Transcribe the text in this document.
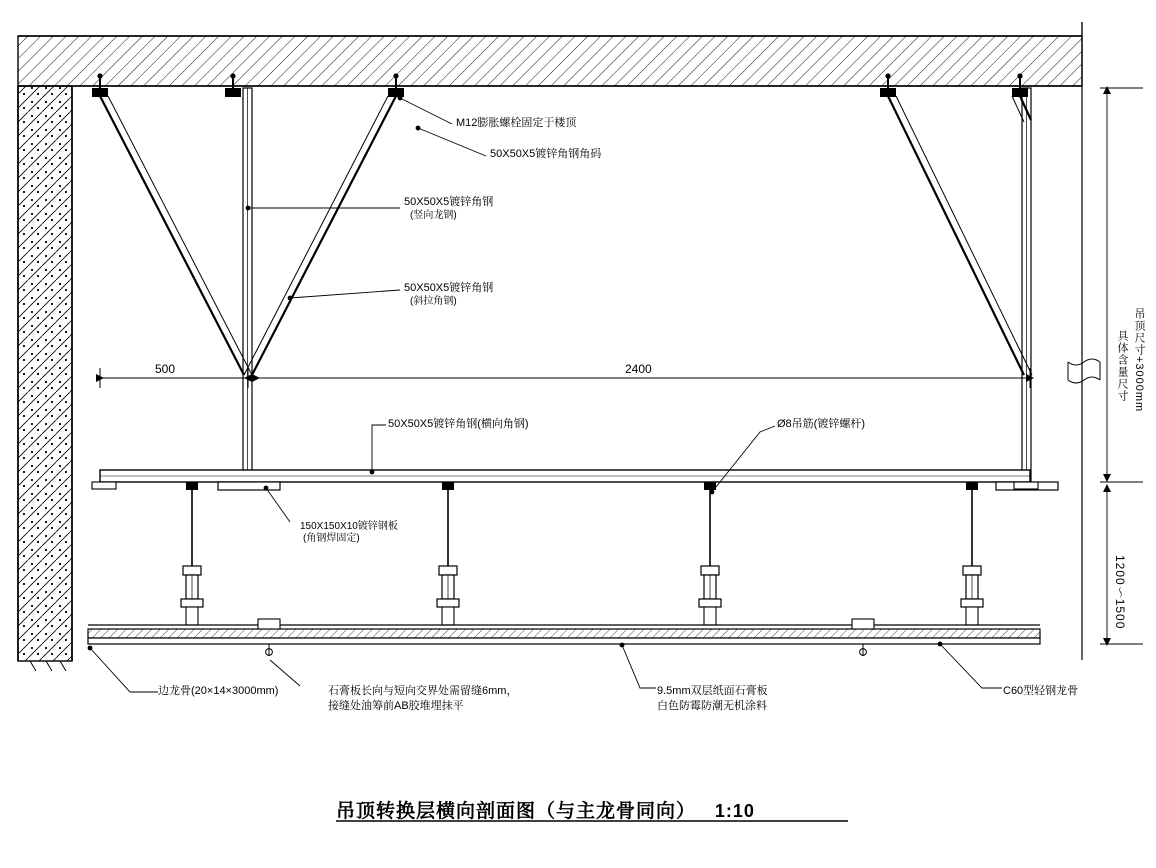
M12膨胀螺栓固定于楼顶
50X50X5镀锌角钢角码
50X50X5镀锌角钢
(竖向龙钢)
50X50X5镀锌角钢
(斜拉角钢)
50X50X5镀锌角钢(横向角钢)	Ø8吊筋(镀锌螺杆)
150X150X10镀锌钢板
(角钢焊固定)
边龙骨(20×14×3000mm)	石膏板长向与短向交界处需留缝6mm，
接缝处油筹前AB胶堆埋抹平
9.5mm双层纸面石膏板
白色防霉防潮无机涂料
C60型轻钢龙骨
500	2400
1200～1500
吊顶尺寸+3000mm
具体含量尺寸
吊顶转换层横向剖面图（与主龙骨同向） 1:10
